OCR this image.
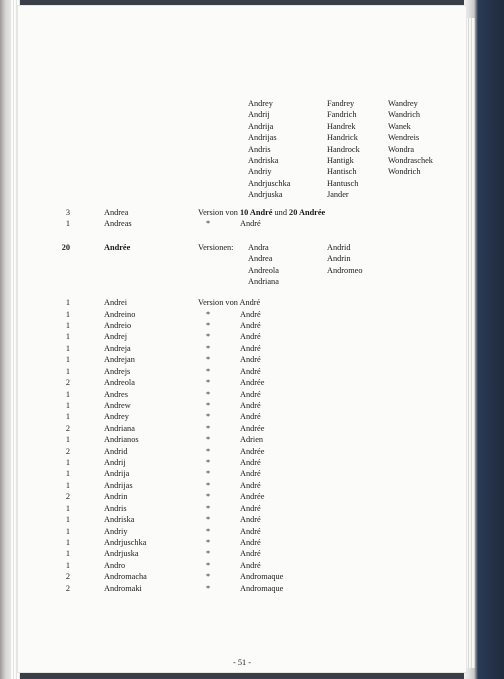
Andrey	Fandrey	Wandrey
Andrij	Fandrich	Wandrich
Andrija	Handrek	Wanek
Andrijas	Handrick	Wendreis
Andris	Handrock	Wondra
Andriska	Hantigk	Wondraschek
Andriy	Hantisch	Wondrich
Andrjuschka	Hantusch
Andrjuska	Jander
3	Andrea	Version von 10 André und 20 Andrée
1	Andreas	*	André
20	Andrée	Versionen: Andra	Andrid
Andrea	Andrin
Andreola	Andromeo
Andriana
1	Andrei	Version von André
1	Andreino	*	André
1	Andreio	*	André
1	Andrej	*	André
1	Andreja	*	André
1	Andrejan	*	André
1	Andrejs	*	André
2	Andreola	*	Andrée
1	Andres	*	André
1	Andrew	*	André
1	Andrey	*	André
2	Andriana	*	Andrée
1	Andrianos	*	Adrien
2	Andrid	*	Andrée
1	Andrij	*	André
1	Andrija	*	André
1	Andrijas	*	André
2	Andrin	*	Andrée
1	Andris	*	André
1	Andriska	*	André
1	Andriy	*	André
1	Andrjuschka	*	André
1	Andrjuska	*	André
1	Andro	*	André
2	Andromacha	*	Andromaque
2	Andromaki	*	Andromaque
- 51 -
